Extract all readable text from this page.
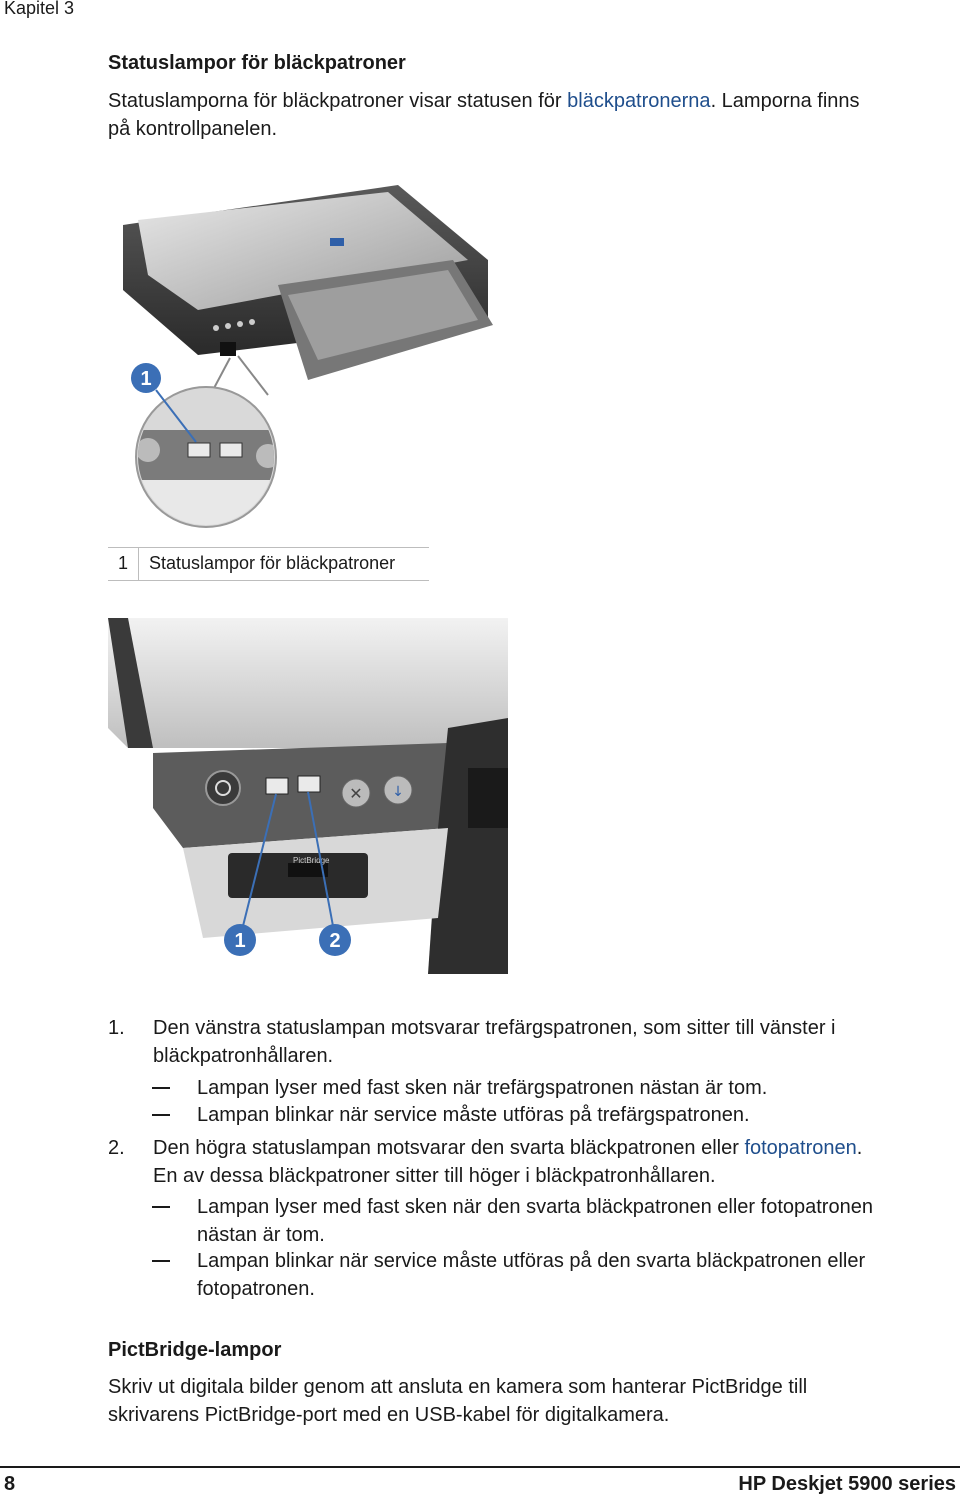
Kapitel 3
Statuslampor för bläckpatroner
Statuslamporna för bläckpatroner visar statusen för bläckpatronerna. Lamporna finns
på kontrollpanelen.
1
1 Statuslampor för bläckpatroner
PictBridge
✕ ↓
1	2
1. Den vänstra statuslampan motsvarar trefärgspatronen, som sitter till vänster i
bläckpatronhållaren.
Lampan lyser med fast sken när trefärgspatronen nästan är tom.
Lampan blinkar när service måste utföras på trefärgspatronen.
2. Den högra statuslampan motsvarar den svarta bläckpatronen eller fotopatronen.
En av dessa bläckpatroner sitter till höger i bläckpatronhållaren.
Lampan lyser med fast sken när den svarta bläckpatronen eller fotopatronen
nästan är tom.
Lampan blinkar när service måste utföras på den svarta bläckpatronen eller
fotopatronen.
PictBridge-lampor
Skriv ut digitala bilder genom att ansluta en kamera som hanterar PictBridge till
skrivarens PictBridge-port med en USB-kabel för digitalkamera.
8	HP Deskjet 5900 series
